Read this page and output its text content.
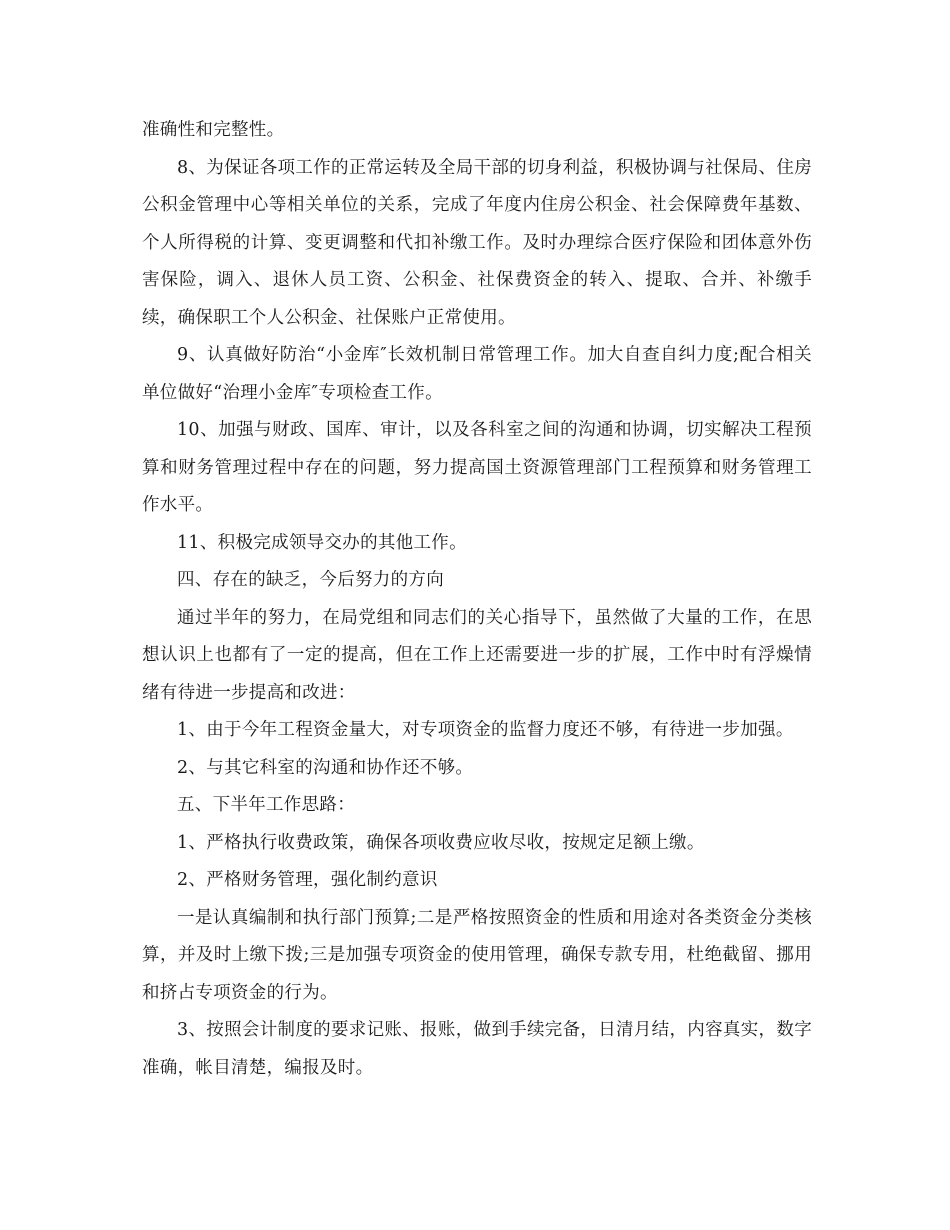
准确性和完整性。

8、为保证各项工作的正常运转及全局干部的切身利益，积极协调与社保局、住房公积金管理中心等相关单位的关系，完成了年度内住房公积金、社会保障费年基数、个人所得税的计算、变更调整和代扣补缴工作。及时办理综合医疗保险和团体意外伤害保险，调入、退休人员工资、公积金、社保费资金的转入、提取、合并、补缴手续，确保职工个人公积金、社保账户正常使用。

9、认真做好防治“小金库″长效机制日常管理工作。加大自查自纠力度;配合相关单位做好“治理小金库″专项检查工作。

10、加强与财政、国库、审计，以及各科室之间的沟通和协调，切实解决工程预算和财务管理过程中存在的问题，努力提高国土资源管理部门工程预算和财务管理工作水平。

11、积极完成领导交办的其他工作。

四、存在的缺乏，今后努力的方向

通过半年的努力，在局党组和同志们的关心指导下，虽然做了大量的工作，在思想认识上也都有了一定的提高，但在工作上还需要进一步的扩展，工作中时有浮燥情绪有待进一步提高和改进：

1、由于今年工程资金量大，对专项资金的监督力度还不够，有待进一步加强。

2、与其它科室的沟通和协作还不够。

五、下半年工作思路：

1、严格执行收费政策，确保各项收费应收尽收，按规定足额上缴。

2、严格财务管理，强化制约意识

一是认真编制和执行部门预算;二是严格按照资金的性质和用途对各类资金分类核算，并及时上缴下拨;三是加强专项资金的使用管理，确保专款专用，杜绝截留、挪用和挤占专项资金的行为。

3、按照会计制度的要求记账、报账，做到手续完备，日清月结，内容真实，数字准确，帐目清楚，编报及时。
